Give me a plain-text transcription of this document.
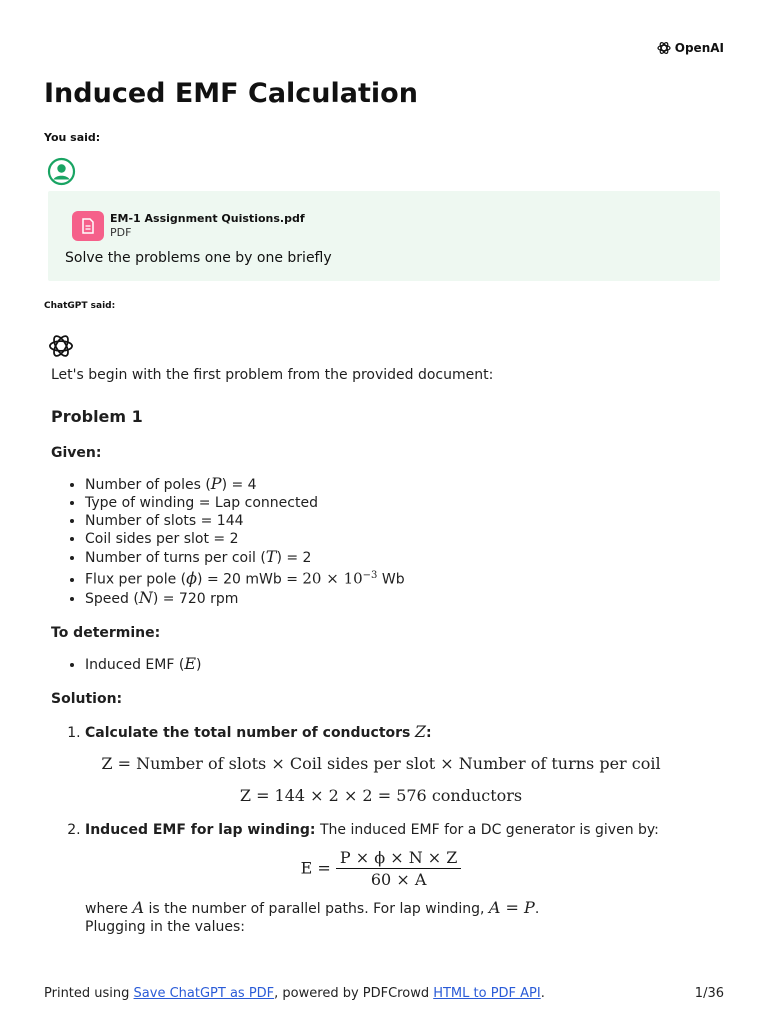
OpenAI
Induced EMF Calculation
You said:
EM-1 Assignment Quistions.pdf
PDF
Solve the problems one by one briefly
ChatGPT said:

Let's begin with the first problem from the provided document:

Problem 1

Given:

• Number of poles (P) = 4
• Type of winding = Lap connected
• Number of slots = 144
• Coil sides per slot = 2
• Number of turns per coil (T) = 2
• Flux per pole (ϕ) = 20 mWb = $20 \times 10^{-3}$ Wb
• Speed (N) = 720 rpm

To determine:

• Induced EMF (E)

Solution:

1. Calculate the total number of conductors Z:
Z = Number of slots × Coil sides per slot × Number of turns per coil
Z = 144 × 2 × 2 = 576 conductors
2. Induced EMF for lap winding: The induced EMF for a DC generator is given by:
$E = \frac{P \times \phi \times N \times Z}{60 \times A}$
where A is the number of parallel paths. For lap winding, A = P.
Plugging in the values:
Printed using Save ChatGPT as PDF, powered by PDFCrowd HTML to PDF API.	1/36
